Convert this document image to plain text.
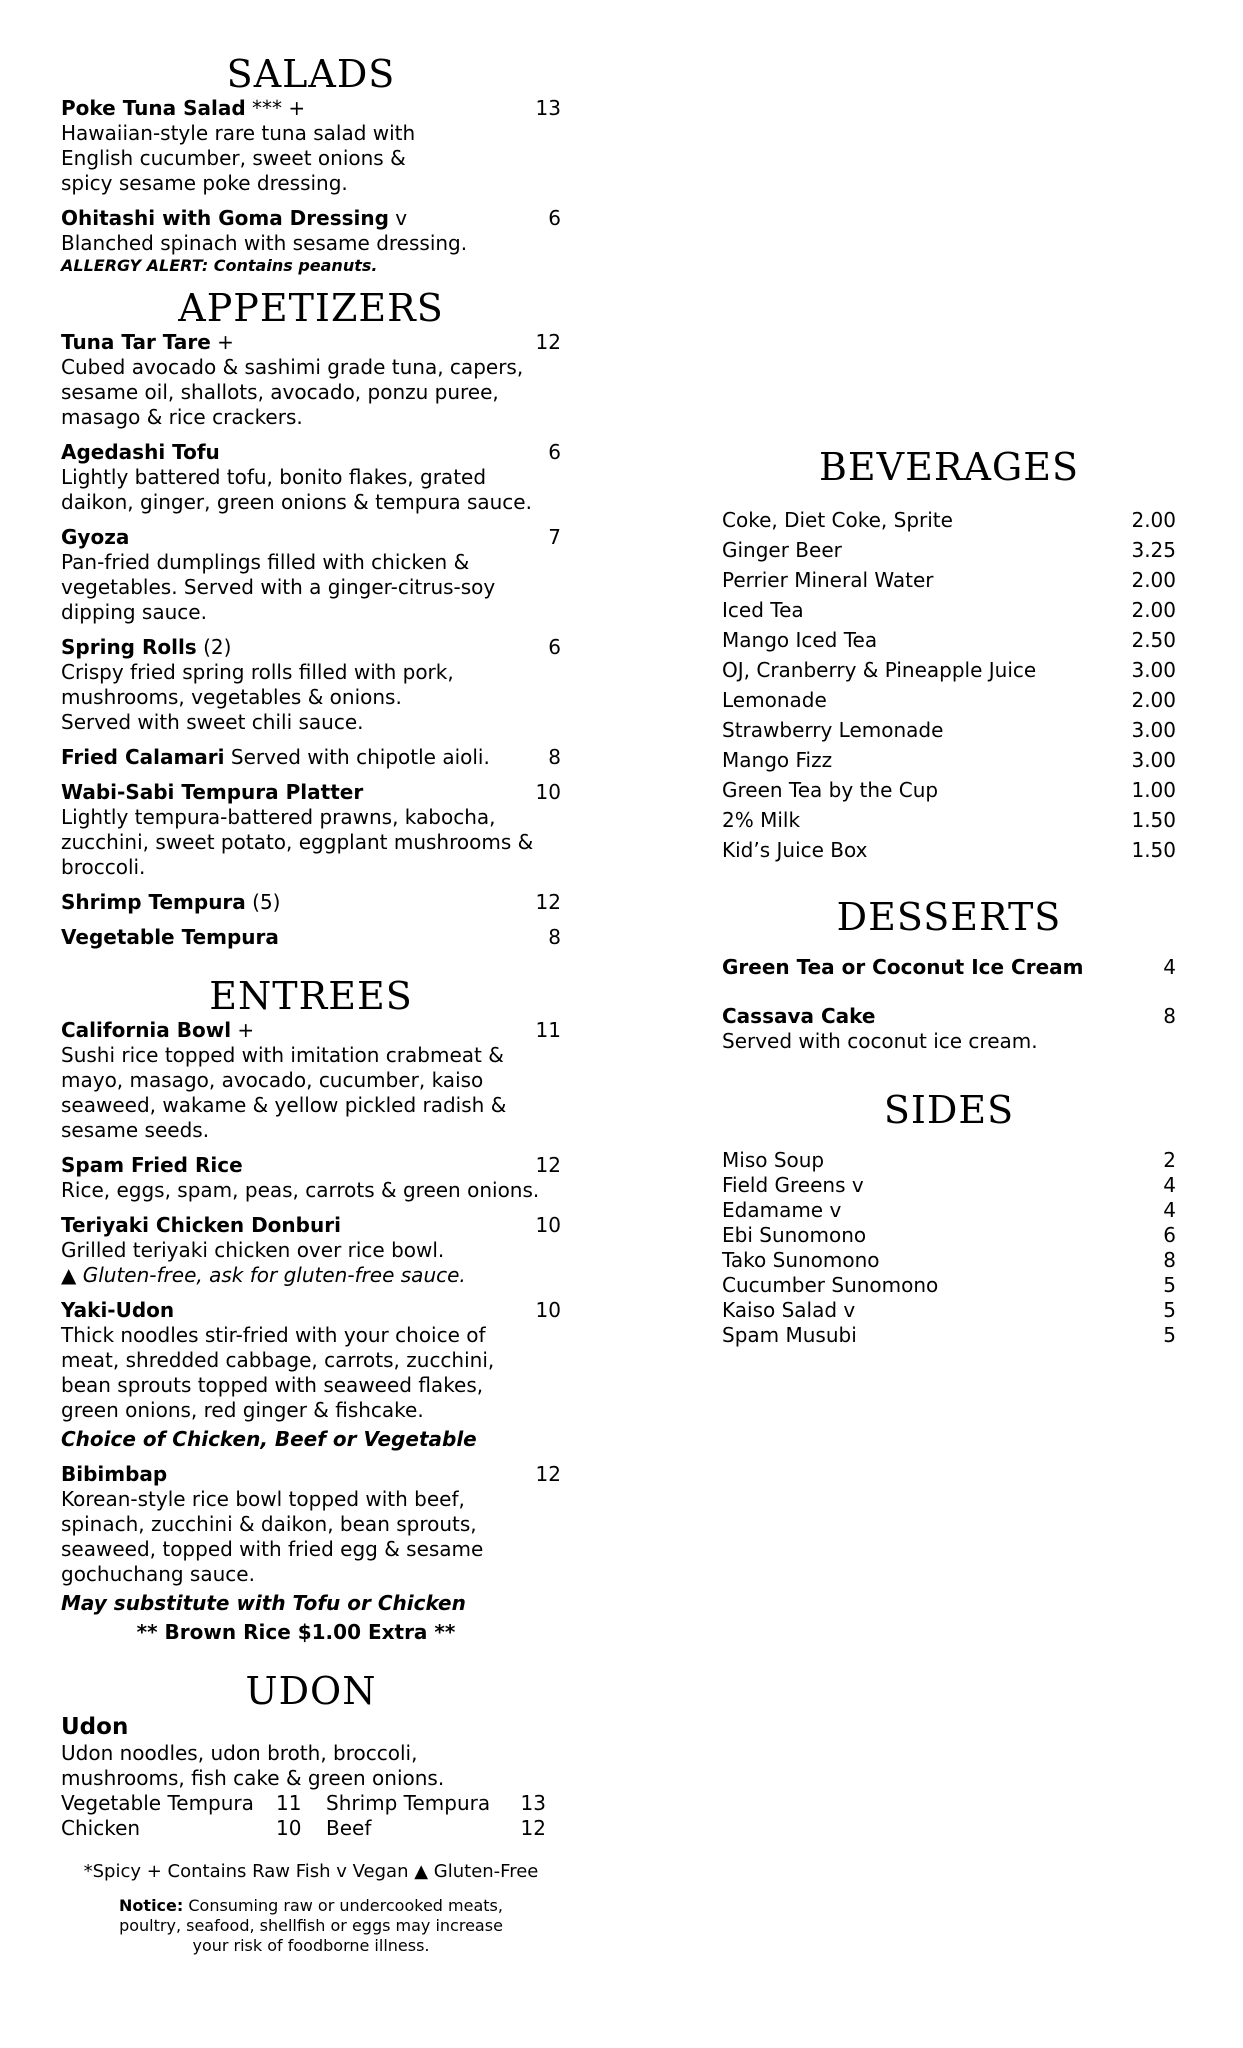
SALADS
Poke Tuna Salad *** +	13
Hawaiian-style rare tuna salad with
English cucumber, sweet onions &
spicy sesame poke dressing.
Ohitashi with Goma Dressing v	6
Blanched spinach with sesame dressing.
ALLERGY ALERT: Contains peanuts.
APPETIZERS
Tuna Tar Tare +	12
Cubed avocado & sashimi grade tuna, capers,
sesame oil, shallots, avocado, ponzu puree,
masago & rice crackers.
Agedashi Tofu	6
Lightly battered tofu, bonito flakes, grated
daikon, ginger, green onions & tempura sauce.
Gyoza	7
Pan-fried dumplings filled with chicken &
vegetables. Served with a ginger-citrus-soy
dipping sauce.
Spring Rolls (2)	6
Crispy fried spring rolls filled with pork,
mushrooms, vegetables & onions.
Served with sweet chili sauce.
Fried Calamari Served with chipotle aioli.	8
Wabi-Sabi Tempura Platter	10
Lightly tempura-battered prawns, kabocha,
zucchini, sweet potato, eggplant mushrooms &
broccoli.
Shrimp Tempura (5)	12
Vegetable Tempura	8
ENTREES
California Bowl +	11
Sushi rice topped with imitation crabmeat &
mayo, masago, avocado, cucumber, kaiso
seaweed, wakame & yellow pickled radish &
sesame seeds.
Spam Fried Rice	12
Rice, eggs, spam, peas, carrots & green onions.
Teriyaki Chicken Donburi	10
Grilled teriyaki chicken over rice bowl.
▲ Gluten-free, ask for gluten-free sauce.
Yaki-Udon	10
Thick noodles stir-fried with your choice of
meat, shredded cabbage, carrots, zucchini,
bean sprouts topped with seaweed flakes,
green onions, red ginger & fishcake.
Choice of Chicken, Beef or Vegetable
Bibimbap	12
Korean-style rice bowl topped with beef,
spinach, zucchini & daikon, bean sprouts,
seaweed, topped with fried egg & sesame
gochuchang sauce.
May substitute with Tofu or Chicken
** Brown Rice $1.00 Extra **
UDON
Udon
Udon noodles, udon broth, broccoli,
mushrooms, fish cake & green onions.
Vegetable Tempura	11	Shrimp Tempura	13
Chicken	10	Beef	12
*Spicy + Contains Raw Fish v Vegan ▲ Gluten-Free
Notice: Consuming raw or undercooked meats, poultry, seafood, shellfish or eggs may increase your risk of foodborne illness.
BEVERAGES
Coke, Diet Coke, Sprite	2.00
Ginger Beer	3.25
Perrier Mineral Water	2.00
Iced Tea	2.00
Mango Iced Tea	2.50
OJ, Cranberry & Pineapple Juice	3.00
Lemonade	2.00
Strawberry Lemonade	3.00
Mango Fizz	3.00
Green Tea by the Cup	1.00
2% Milk	1.50
Kid’s Juice Box	1.50
DESSERTS
Green Tea or Coconut Ice Cream	4
Cassava Cake	8
Served with coconut ice cream.
SIDES
Miso Soup	2
Field Greens v	4
Edamame v	4
Ebi Sunomono	6
Tako Sunomono	8
Cucumber Sunomono	5
Kaiso Salad v	5
Spam Musubi	5
